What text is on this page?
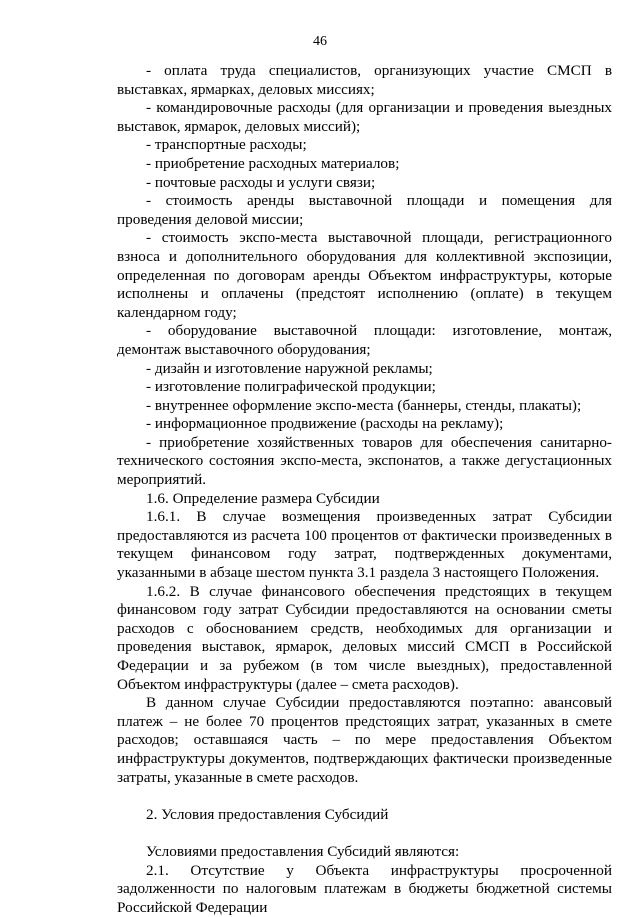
46

- оплата труда специалистов, организующих участие СМСП в выставках, ярмарках, деловых миссиях;

- командировочные расходы (для организации и проведения выездных выставок, ярмарок, деловых миссий);

- транспортные расходы;

- приобретение расходных материалов;

- почтовые расходы и услуги связи;

- стоимость аренды выставочной площади и помещения для проведения деловой миссии;

- стоимость экспо-места выставочной площади, регистрационного взноса и дополнительного оборудования для коллективной экспозиции, определенная по договорам аренды Объектом инфраструктуры, которые исполнены и оплачены (предстоят исполнению (оплате) в текущем календарном году;

- оборудование выставочной площади: изготовление, монтаж, демонтаж выставочного оборудования;

- дизайн и изготовление наружной рекламы;

- изготовление полиграфической продукции;

- внутреннее оформление экспо-места (баннеры, стенды, плакаты);

- информационное продвижение (расходы на рекламу);

- приобретение хозяйственных товаров для обеспечения санитарно-технического состояния экспо-места, экспонатов, а также дегустационных мероприятий.

1.6. Определение размера Субсидии

1.6.1. В случае возмещения произведенных затрат Субсидии предоставляются из расчета 100 процентов от фактически произведенных в текущем финансовом году затрат, подтвержденных документами, указанными в абзаце шестом пункта 3.1 раздела 3 настоящего Положения.

1.6.2. В случае финансового обеспечения предстоящих в текущем финансовом году затрат Субсидии предоставляются на основании сметы расходов с обоснованием средств, необходимых для организации и проведения выставок, ярмарок, деловых миссий СМСП в Российской Федерации и за рубежом (в том числе выездных), предоставленной Объектом инфраструктуры (далее – смета расходов).

В данном случае Субсидии предоставляются поэтапно: авансовый платеж – не более 70 процентов предстоящих затрат, указанных в смете расходов; оставшаяся часть – по мере предоставления Объектом инфраструктуры документов, подтверждающих фактически произведенные затраты, указанные в смете расходов.

2. Условия предоставления Субсидий

Условиями предоставления Субсидий являются:

2.1. Отсутствие у Объекта инфраструктуры просроченной задолженности по налоговым платежам в бюджеты бюджетной системы Российской Федерации
